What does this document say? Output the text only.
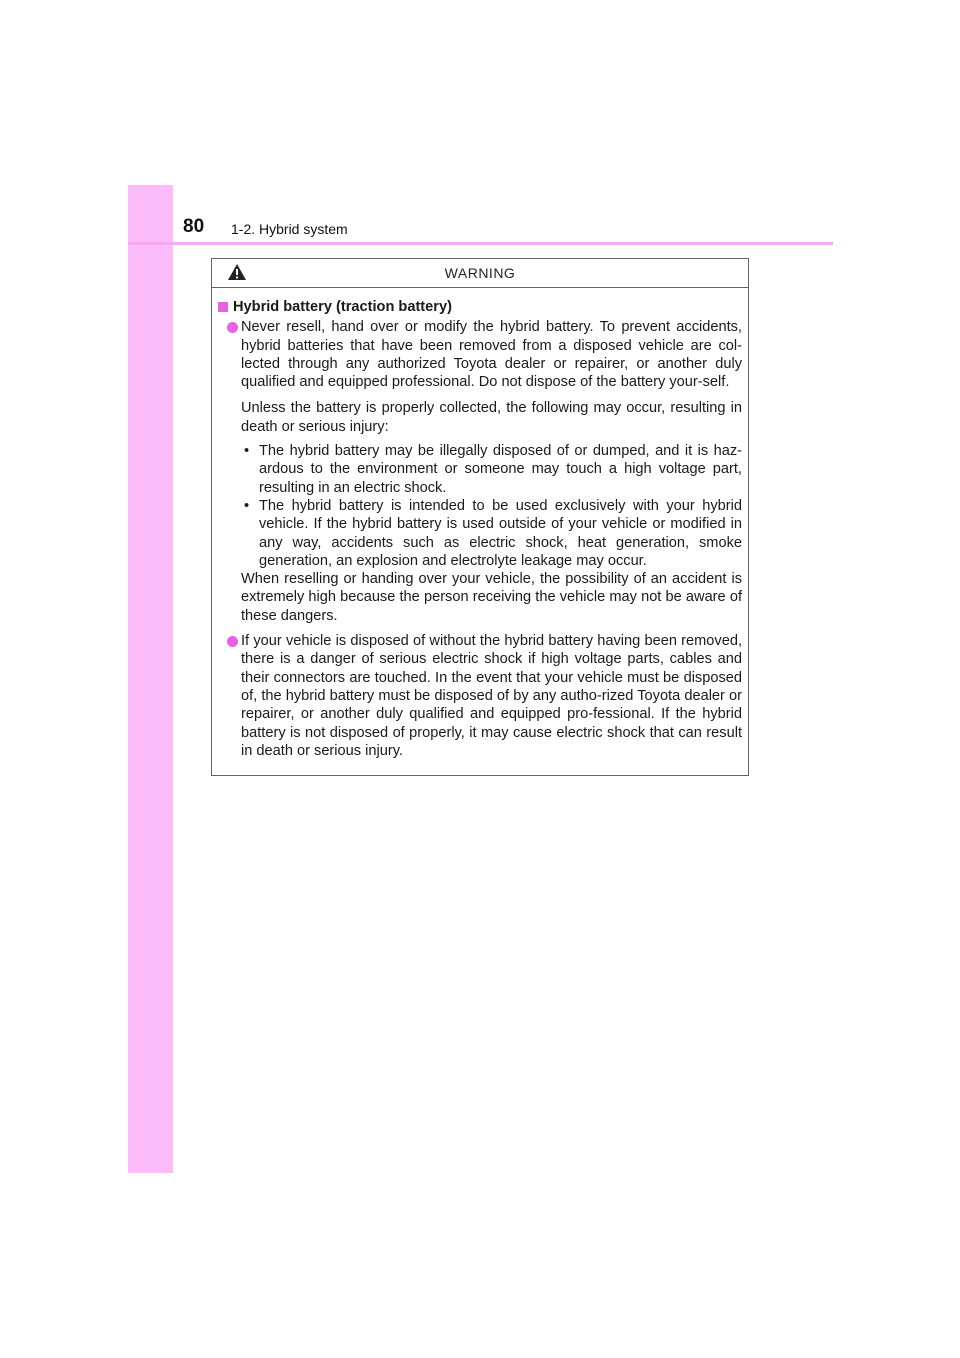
80 1-2. Hybrid system
WARNING
Hybrid battery (traction battery)

Never resell, hand over or modify the hybrid battery. To prevent accidents, hybrid batteries that have been removed from a disposed vehicle are col-lected through any authorized Toyota dealer or repairer, or another duly qualified and equipped professional. Do not dispose of the battery your-self.

Unless the battery is properly collected, the following may occur, resulting in death or serious injury:

• The hybrid battery may be illegally disposed of or dumped, and it is haz-ardous to the environment or someone may touch a high voltage part, resulting in an electric shock.

• The hybrid battery is intended to be used exclusively with your hybrid vehicle. If the hybrid battery is used outside of your vehicle or modified in any way, accidents such as electric shock, heat generation, smoke generation, an explosion and electrolyte leakage may occur.

When reselling or handing over your vehicle, the possibility of an accident is extremely high because the person receiving the vehicle may not be aware of these dangers.

If your vehicle is disposed of without the hybrid battery having been removed, there is a danger of serious electric shock if high voltage parts, cables and their connectors are touched. In the event that your vehicle must be disposed of, the hybrid battery must be disposed of by any autho-rized Toyota dealer or repairer, or another duly qualified and equipped pro-fessional. If the hybrid battery is not disposed of properly, it may cause electric shock that can result in death or serious injury.
